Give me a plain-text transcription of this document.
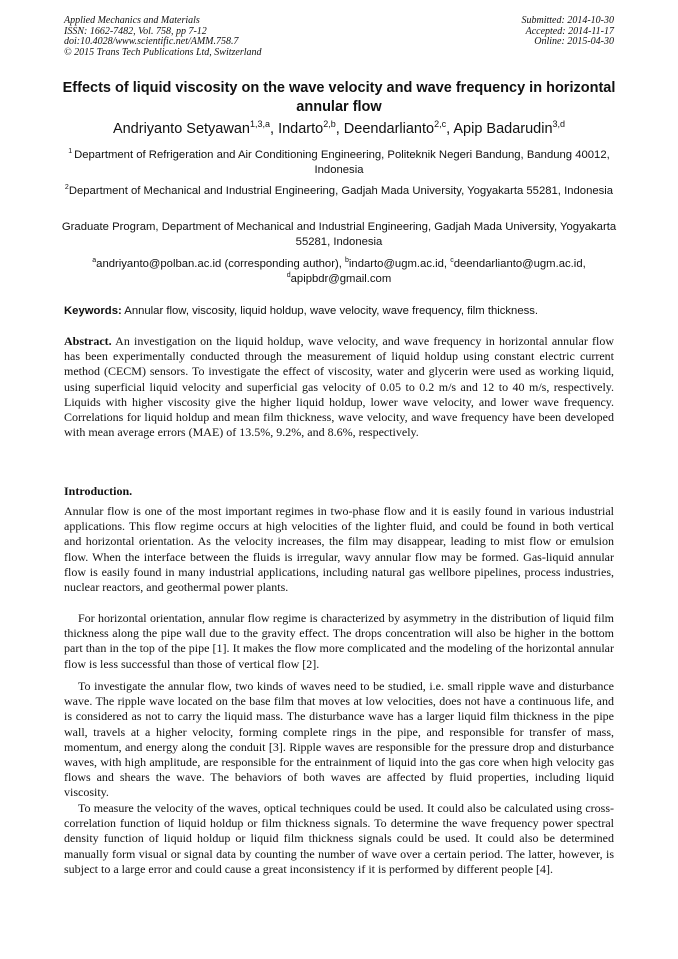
Applied Mechanics and Materials
ISSN: 1662-7482, Vol. 758, pp 7-12
doi:10.4028/www.scientific.net/AMM.758.7
© 2015 Trans Tech Publications Ltd, Switzerland
Submitted: 2014-10-30
Accepted: 2014-11-17
Online: 2015-04-30
Effects of liquid viscosity on the wave velocity and wave frequency in horizontal annular flow

Andriyanto Setyawan$^{1,3,a}$, Indarto$^{2,b}$, Deendarlianto$^{2,c}$, Apip Badarudin$^{3,d}$

$^1$ Department of Refrigeration and Air Conditioning Engineering, Politeknik Negeri Bandung, Bandung 40012, Indonesia

$^2$Department of Mechanical and Industrial Engineering, Gadjah Mada University, Yogyakarta 55281, Indonesia

Graduate Program, Department of Mechanical and Industrial Engineering, Gadjah Mada University, Yogyakarta 55281, Indonesia

$^a$andriyanto@polban.ac.id (corresponding author), $^b$indarto@ugm.ac.id, $^c$deendarlianto@ugm.ac.id,
$^d$apipbdr@gmail.com

Keywords: Annular flow, viscosity, liquid holdup, wave velocity, wave frequency, film thickness.

Abstract. An investigation on the liquid holdup, wave velocity, and wave frequency in horizontal annular flow has been experimentally conducted through the measurement of liquid holdup using constant electric current method (CECM) sensors. To investigate the effect of viscosity, water and glycerin were used as working liquid, using superficial liquid velocity and superficial gas velocity of 0.05 to 0.2 m/s and 12 to 40 m/s, respectively. Liquids with higher viscosity give the higher liquid holdup, lower wave velocity, and lower wave frequency. Correlations for liquid holdup and mean film thickness, wave velocity, and wave frequency have been developed with mean average errors (MAE) of 13.5%, 9.2%, and 8.6%, respectively.

Introduction.

Annular flow is one of the most important regimes in two-phase flow and it is easily found in various industrial applications. This flow regime occurs at high velocities of the lighter fluid, and could be found in both vertical and horizontal orientation. As the velocity increases, the film may disappear, leading to mist flow or emulsion flow. When the interface between the fluids is irregular, wavy annular flow may be formed. Gas-liquid annular flow is easily found in many industrial applications, including natural gas wellbore pipelines, process industries, nuclear reactors, and geothermal power plants.

For horizontal orientation, annular flow regime is characterized by asymmetry in the distribution of liquid film thickness along the pipe wall due to the gravity effect. The drops concentration will also be higher in the bottom part than in the top of the pipe [1]. It makes the flow more complicated and the modeling of the horizontal annular flow is less successful than those of vertical flow [2].

To investigate the annular flow, two kinds of waves need to be studied, i.e. small ripple wave and disturbance wave. The ripple wave located on the base film that moves at low velocities, does not have a continuous life, and is considered as not to carry the liquid mass. The disturbance wave has a larger liquid film thickness in the pipe wall, travels at a higher velocity, forming complete rings in the pipe, and responsible for transfer of mass, momentum, and energy along the conduit [3]. Ripple waves are responsible for the pressure drop and disturbance waves, with high amplitude, are responsible for the entrainment of liquid into the gas core when high velocity gas flows and shears the wave. The behaviors of both waves are affected by fluid properties, including liquid viscosity.

To measure the velocity of the waves, optical techniques could be used. It could also be calculated using cross-correlation function of liquid holdup or film thickness signals. To determine the wave frequency power spectral density function of liquid holdup or liquid film thickness signals could be used. It could also be determined manually form visual or signal data by counting the number of wave over a certain period. The latter, however, is subject to a large error and could cause a great inconsistency if it is performed by different people [4].
